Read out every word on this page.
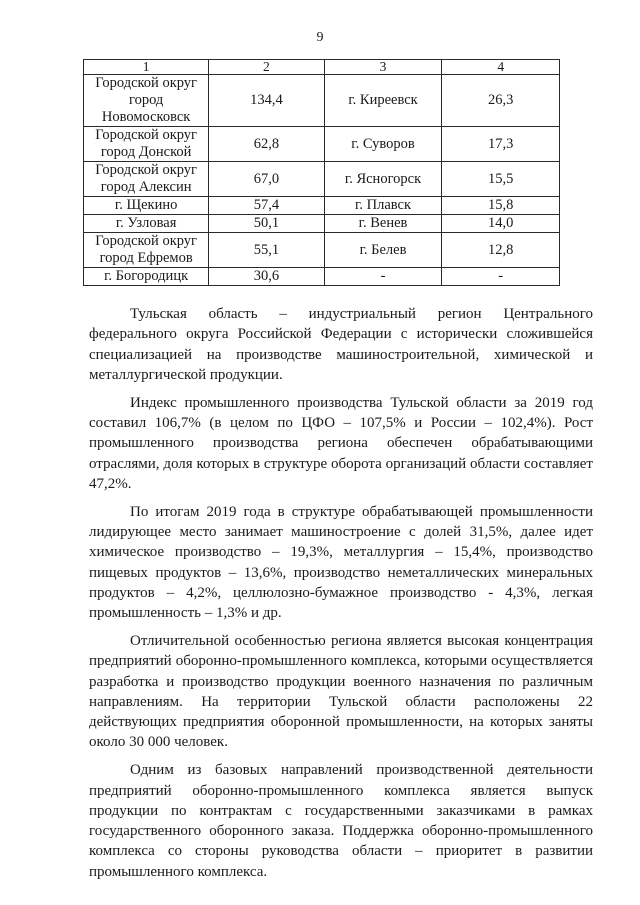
9
1	2	3	4
Городской округ город Новомосковск	134,4	г. Киреевск	26,3
Городской округ город Донской	62,8	г. Суворов	17,3
Городской округ город Алексин	67,0	г. Ясногорск	15,5
г. Щекино	57,4	г. Плавск	15,8
г. Узловая	50,1	г. Венев	14,0
Городской округ город Ефремов	55,1	г. Белев	12,8
г. Богородицк	30,6	-	-

Тульская область – индустриальный регион Центрального федерального округа Российской Федерации с исторически сложившейся специализацией на производстве машиностроительной, химической и металлургической продукции.

Индекс промышленного производства Тульской области за 2019 год составил 106,7% (в целом по ЦФО – 107,5% и России – 102,4%). Рост промышленного производства региона обеспечен обрабатывающими отраслями, доля которых в структуре оборота организаций области составляет 47,2%.

По итогам 2019 года в структуре обрабатывающей промышленности лидирующее место занимает машиностроение с долей 31,5%, далее идет химическое производство – 19,3%, металлургия – 15,4%, производство пищевых продуктов – 13,6%, производство неметаллических минеральных продуктов – 4,2%, целлюлозно-бумажное производство - 4,3%, легкая промышленность – 1,3% и др.

Отличительной особенностью региона является высокая концентрация предприятий оборонно-промышленного комплекса, которыми осуществляется разработка и производство продукции военного назначения по различным направлениям. На территории Тульской области расположены 22 действующих предприятия оборонной промышленности, на которых заняты около 30 000 человек.

Одним из базовых направлений производственной деятельности предприятий оборонно-промышленного комплекса является выпуск продукции по контрактам с государственными заказчиками в рамках государственного оборонного заказа. Поддержка оборонно-промышленного комплекса со стороны руководства области – приоритет в развитии промышленного комплекса.
